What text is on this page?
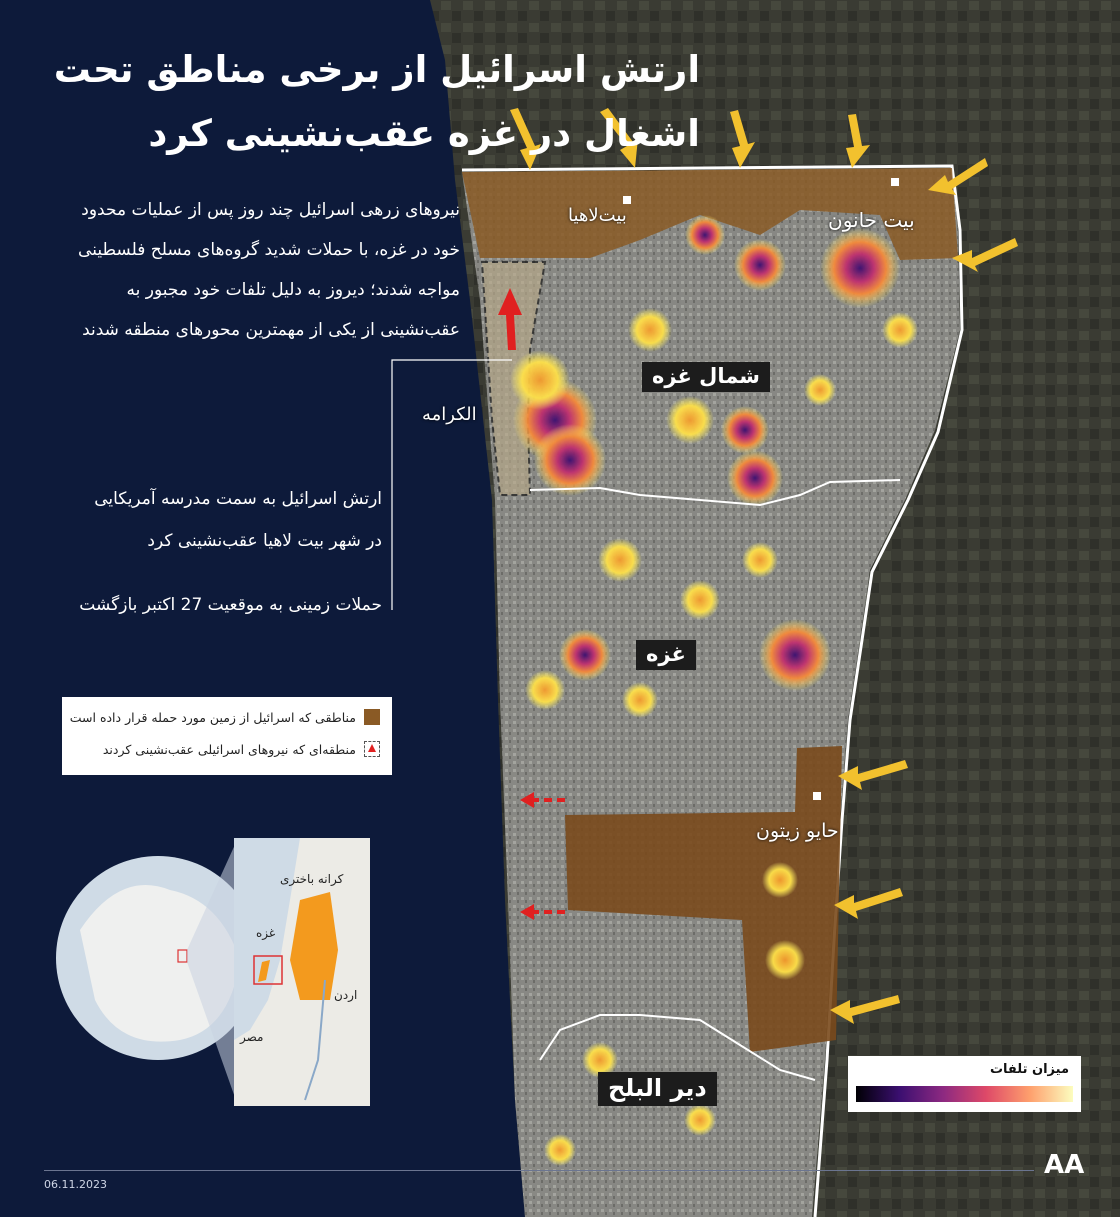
ارتش اسرائیل از برخی مناطق تحت
اشغال در غزه عقب‌نشینی کرد
نیروهای زرهی اسرائیل چند روز پس از عملیات محدود
خود در غزه، با حملات شدید گروه‌های مسلح فلسطینی
مواجه شدند؛ دیروز به دلیل تلفات خود مجبور به
عقب‌نشینی از یکی از مهمترین محورهای منطقه شدند
ارتش اسرائیل به سمت مدرسه آمریکایی
در شهر بیت لاهیا عقب‌نشینی کرد
حملات زمینی به موقعیت 27 اکتبر بازگشت
بیت‌لاهیا	بیت حانون
شمال غزه
الکرامه
غزه
حایو زیتون
دیر البلح
مناطقی که اسرائیل از زمین مورد حمله قرار داده است
منطقه‌ای که نیروهای اسرائیلی عقب‌نشینی کردند
کرانه باختری
غزه
اردن
مصر
میزان تلفات
06.11.2023
AA
